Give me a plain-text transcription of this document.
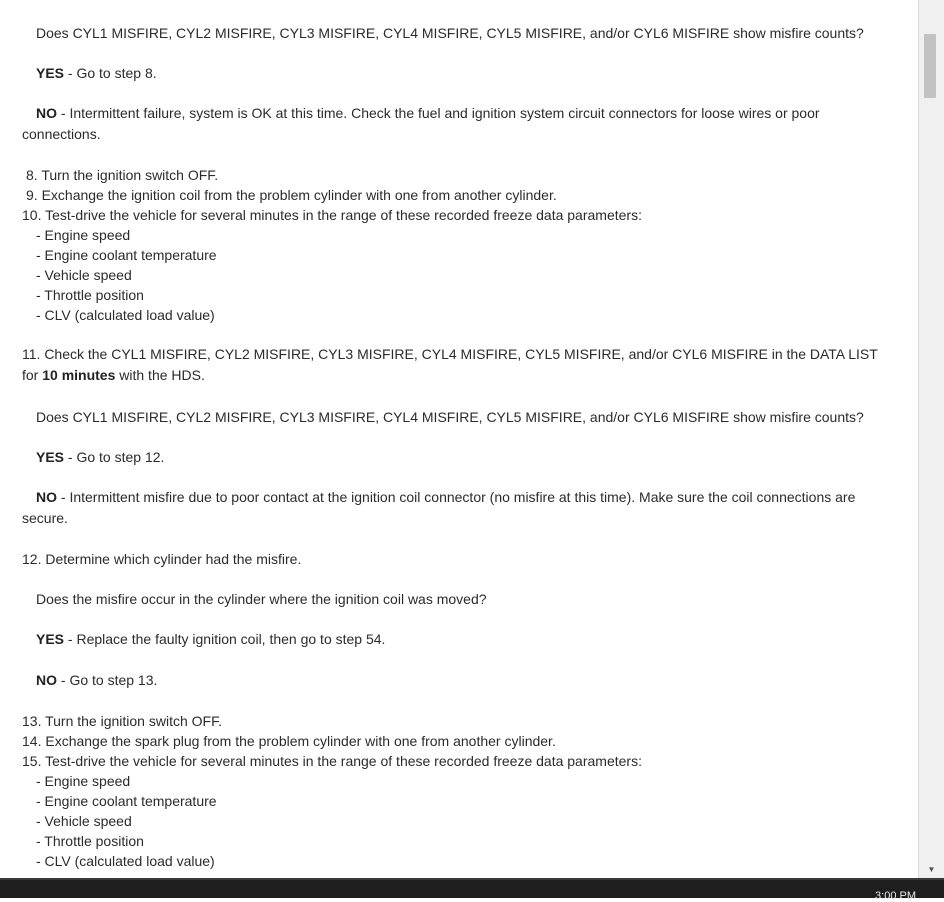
Does CYL1 MISFIRE, CYL2 MISFIRE, CYL3 MISFIRE, CYL4 MISFIRE, CYL5 MISFIRE, and/or CYL6 MISFIRE show misfire counts?
YES - Go to step 8.
NO - Intermittent failure, system is OK at this time. Check the fuel and ignition system circuit connectors for loose wires or poor connections.
8. Turn the ignition switch OFF.
9. Exchange the ignition coil from the problem cylinder with one from another cylinder.
10. Test-drive the vehicle for several minutes in the range of these recorded freeze data parameters:
- Engine speed
- Engine coolant temperature
- Vehicle speed
- Throttle position
- CLV (calculated load value)
11. Check the CYL1 MISFIRE, CYL2 MISFIRE, CYL3 MISFIRE, CYL4 MISFIRE, CYL5 MISFIRE, and/or CYL6 MISFIRE in the DATA LIST for 10 minutes with the HDS.
Does CYL1 MISFIRE, CYL2 MISFIRE, CYL3 MISFIRE, CYL4 MISFIRE, CYL5 MISFIRE, and/or CYL6 MISFIRE show misfire counts?
YES - Go to step 12.
NO - Intermittent misfire due to poor contact at the ignition coil connector (no misfire at this time). Make sure the coil connections are secure.
12. Determine which cylinder had the misfire.
Does the misfire occur in the cylinder where the ignition coil was moved?
YES - Replace the faulty ignition coil, then go to step 54.
NO - Go to step 13.
13. Turn the ignition switch OFF.
14. Exchange the spark plug from the problem cylinder with one from another cylinder.
15. Test-drive the vehicle for several minutes in the range of these recorded freeze data parameters:
- Engine speed
- Engine coolant temperature
- Vehicle speed
- Throttle position
- CLV (calculated load value)	▼
3:00 PM
